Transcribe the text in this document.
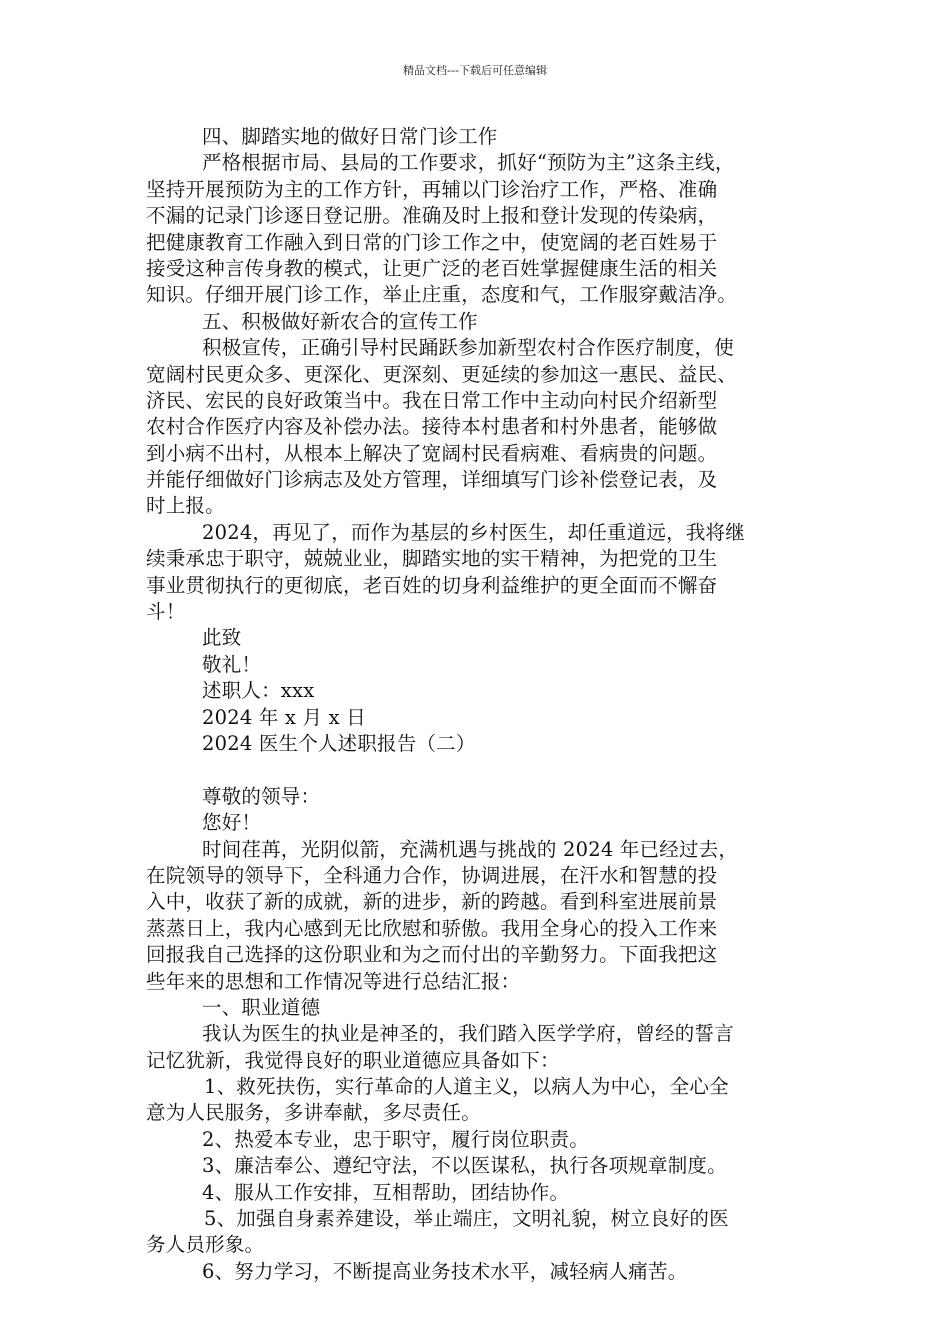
精品文档---下载后可任意编辑
四、脚踏实地的做好日常门诊工作
严格根据市局、县局的工作要求，抓好“预防为主”这条主线，
坚持开展预防为主的工作方针，再辅以门诊治疗工作，严格、准确
不漏的记录门诊逐日登记册。准确及时上报和登计发现的传染病，
把健康教育工作融入到日常的门诊工作之中，使宽阔的老百姓易于
接受这种言传身教的模式，让更广泛的老百姓掌握健康生活的相关
知识。仔细开展门诊工作，举止庄重，态度和气，工作服穿戴洁净。
五、积极做好新农合的宣传工作
积极宣传，正确引导村民踊跃参加新型农村合作医疗制度，使
宽阔村民更众多、更深化、更深刻、更延续的参加这一惠民、益民、
济民、宏民的良好政策当中。我在日常工作中主动向村民介绍新型
农村合作医疗内容及补偿办法。接待本村患者和村外患者，能够做
到小病不出村，从根本上解决了宽阔村民看病难、看病贵的问题。
并能仔细做好门诊病志及处方管理，详细填写门诊补偿登记表，及
时上报。
2024，再见了，而作为基层的乡村医生，却任重道远，我将继
续秉承忠于职守，兢兢业业，脚踏实地的实干精神，为把党的卫生
事业贯彻执行的更彻底，老百姓的切身利益维护的更全面而不懈奋
斗！
此致
敬礼！
述职人：xxx
2024 年 x 月 x 日
2024 医生个人述职报告（二）
尊敬的领导：
您好！
时间荏苒，光阴似箭，充满机遇与挑战的 2024 年已经过去，
在院领导的领导下，全科通力合作，协调进展，在汗水和智慧的投
入中，收获了新的成就，新的进步，新的跨越。看到科室进展前景
蒸蒸日上，我内心感到无比欣慰和骄傲。我用全身心的投入工作来
回报我自己选择的这份职业和为之而付出的辛勤努力。下面我把这
些年来的思想和工作情况等进行总结汇报：
一、职业道德
我认为医生的执业是神圣的，我们踏入医学学府，曾经的誓言
记忆犹新，我觉得良好的职业道德应具备如下：
1、救死扶伤，实行革命的人道主义，以病人为中心，全心全
意为人民服务，多讲奉献，多尽责任。
2、热爱本专业，忠于职守，履行岗位职责。
3、廉洁奉公、遵纪守法，不以医谋私，执行各项规章制度。
4、服从工作安排，互相帮助，团结协作。
5、加强自身素养建设，举止端庄，文明礼貌，树立良好的医
务人员形象。
6、努力学习，不断提高业务技术水平，减轻病人痛苦。
